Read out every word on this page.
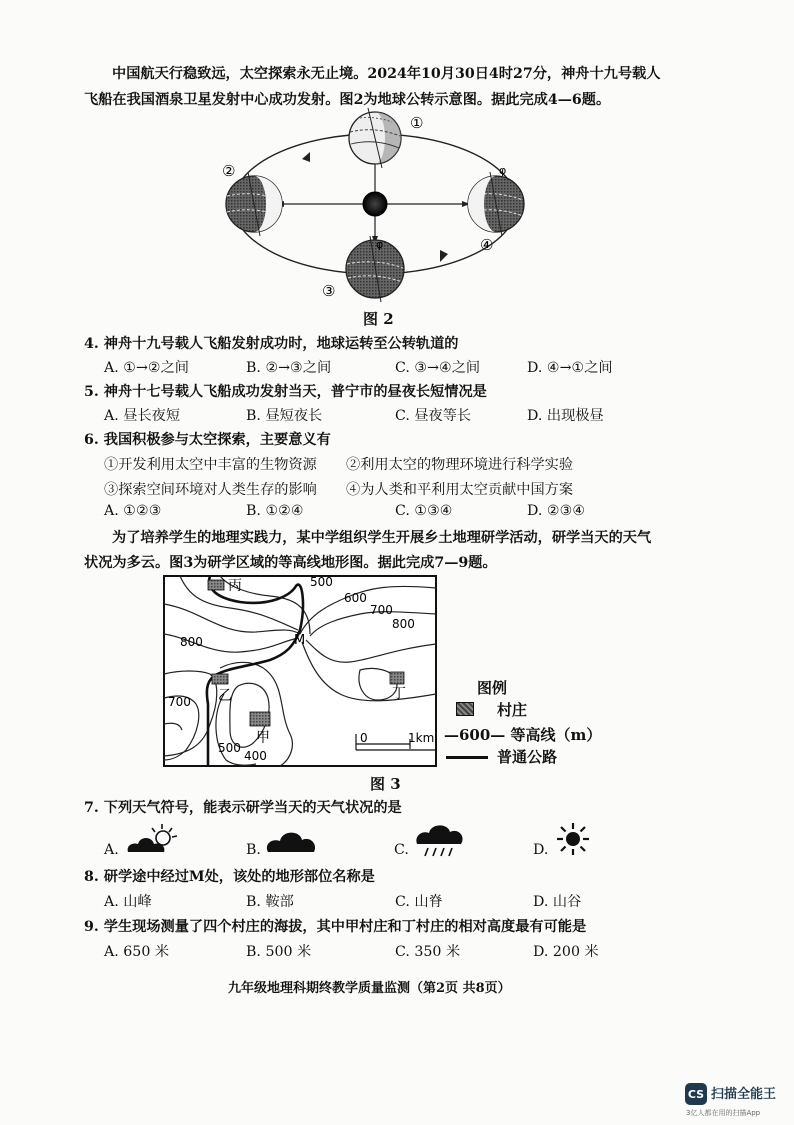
中国航天行稳致远，太空探索永无止境。2024年10月30日4时27分，神舟十九号载人
飞船在我国酒泉卫星发射中心成功发射。图2为地球公转示意图。据此完成4—6题。
φ
φ
①
②
③
④
图 2
4. 神舟十九号载人飞船发射成功时，地球运转至公转轨道的
A. ①→②之间	B. ②→③之间	C. ③→④之间	D. ④→①之间
5. 神舟十七号载人飞船成功发射当天，普宁市的昼夜长短情况是
A. 昼长夜短	B. 昼短夜长	C. 昼夜等长	D. 出现极昼
6. 我国积极参与太空探索，主要意义有
①开发利用太空中丰富的生物资源 ②利用太空的物理环境进行科学实验
③探索空间环境对人类生存的影响 ④为人类和平利用太空贡献中国方案
A. ①②③	B. ①②④	C. ①③④	D. ②③④
为了培养学生的地理实践力，某中学组织学生开展乡土地理研学活动，研学当天的天气
状况为多云。图3为研学区域的等高线地形图。据此完成7—9题。
丙
乙
甲
丁
M
500
600
700
800
800
700
400
500
0	1km
图例
村庄
—600— 等高线（m）
普通公路
图 3
7. 下列天气符号，能表示研学当天的天气状况的是
A.	B.	C.	D.
8. 研学途中经过M处，该处的地形部位名称是
A. 山峰	B. 鞍部	C. 山脊	D. 山谷
9. 学生现场测量了四个村庄的海拔，其中甲村庄和丁村庄的相对高度最有可能是
A. 650 米	B. 500 米	C. 350 米	D. 200 米
九年级地理科期终教学质量监测（第2页 共8页）
CS 扫描全能王
3亿人都在用的扫描App
